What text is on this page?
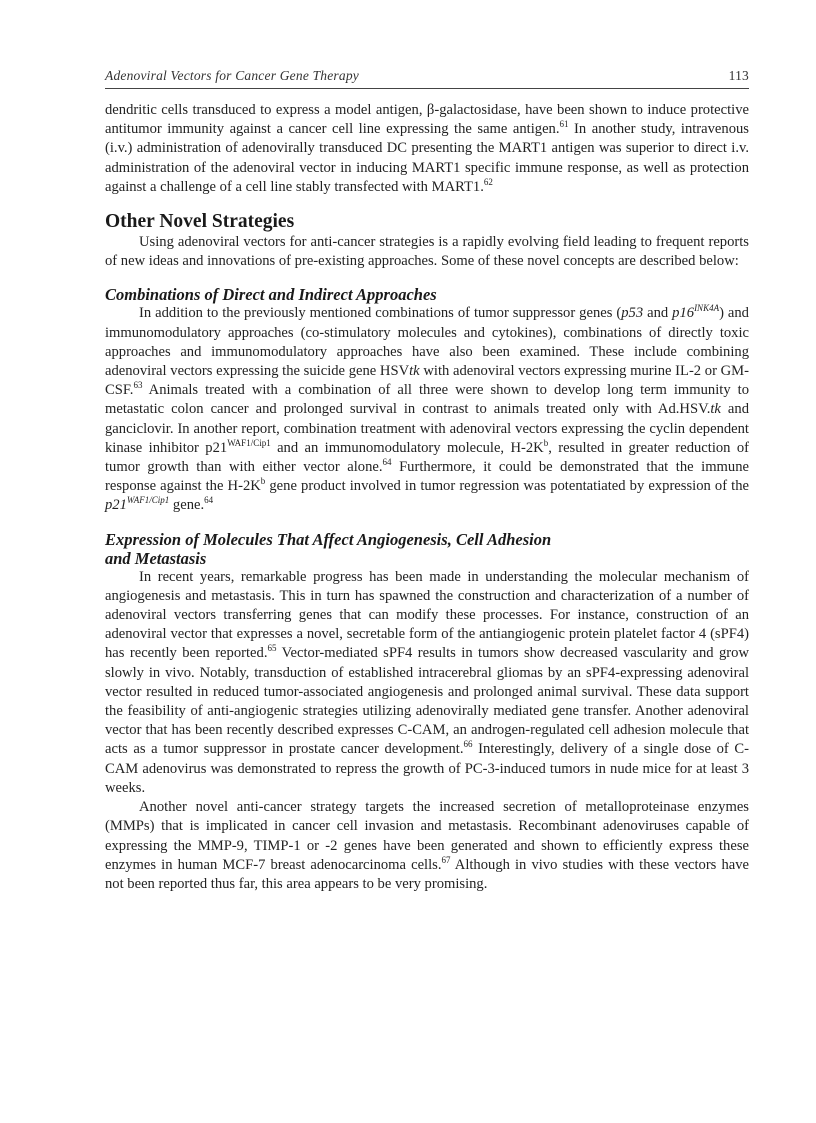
Adenoviral Vectors for Cancer Gene Therapy	113

dendritic cells transduced to express a model antigen, β-galactosidase, have been shown to induce protective antitumor immunity against a cancer cell line expressing the same antigen.$^{61}$ In another study, intravenous (i.v.) administration of adenovirally transduced DC presenting the MART1 antigen was superior to direct i.v. administration of the adenoviral vector in inducing MART1 specific immune response, as well as protection against a challenge of a cell line stably transfected with MART1.62

Other Novel Strategies

Using adenoviral vectors for anti-cancer strategies is a rapidly evolving field leading to frequent reports of new ideas and innovations of pre-existing approaches. Some of these novel concepts are described below:

Combinations of Direct and Indirect Approaches

In addition to the previously mentioned combinations of tumor suppressor genes (p53 and $p16^{INK4A}$) and immunomodulatory approaches (co-stimulatory molecules and cytokines), combinations of directly toxic approaches and immunomodulatory approaches have also been examined. These include combining adenoviral vectors expressing the suicide gene HSVtk with adenoviral vectors expressing murine IL-2 or GM-CSF.$^{63}$ Animals treated with a combination of all three were shown to develop long term immunity to metastatic colon cancer and prolonged survival in contrast to animals treated only with Ad.HSV.tk and ganciclovir. In another report, combination treatment with adenoviral vectors expressing the cyclin dependent kinase inhibitor $p21^{WAF1/Cip1}$ and an immunomodulatory molecule, $H-2K^b$, resulted in greater reduction of tumor growth than with either vector alone.$^{64}$ Furthermore, it could be demonstrated that the immune response against the $H-2K^b$ gene product involved in tumor regression was potentatiated by expression of the $p21^{WAF1/Cip1}$ gene.$^{64}$

Expression of Molecules That Affect Angiogenesis, Cell Adhesion
and Metastasis

In recent years, remarkable progress has been made in understanding the molecular mechanism of angiogenesis and metastasis. This in turn has spawned the construction and characterization of a number of adenoviral vectors transferring genes that can modify these processes. For instance, construction of an adenoviral vector that expresses a novel, secretable form of the antiangiogenic protein platelet factor 4 (sPF4) has recently been reported.$^{65}$ Vector-mediated sPF4 results in tumors show decreased vascularity and grow slowly in vivo. Notably, transduction of established intracerebral gliomas by an sPF4-expressing adenoviral vector resulted in reduced tumor-associated angiogenesis and prolonged animal survival. These data support the feasibility of anti-angiogenic strategies utilizing adenovirally mediated gene transfer. Another adenoviral vector that has been recently described expresses C-CAM, an androgen-regulated cell adhesion molecule that acts as a tumor suppressor in prostate cancer development.$^{66}$ Interestingly, delivery of a single dose of C-CAM adenovirus was demonstrated to repress the growth of PC-3-induced tumors in nude mice for at least 3 weeks.

Another novel anti-cancer strategy targets the increased secretion of metalloproteinase enzymes (MMPs) that is implicated in cancer cell invasion and metastasis. Recombinant adenoviruses capable of expressing the MMP-9, TIMP-1 or -2 genes have been generated and shown to efficiently express these enzymes in human MCF-7 breast adenocarcinoma cells.$^{67}$ Although in vivo studies with these vectors have not been reported thus far, this area appears to be very promising.
